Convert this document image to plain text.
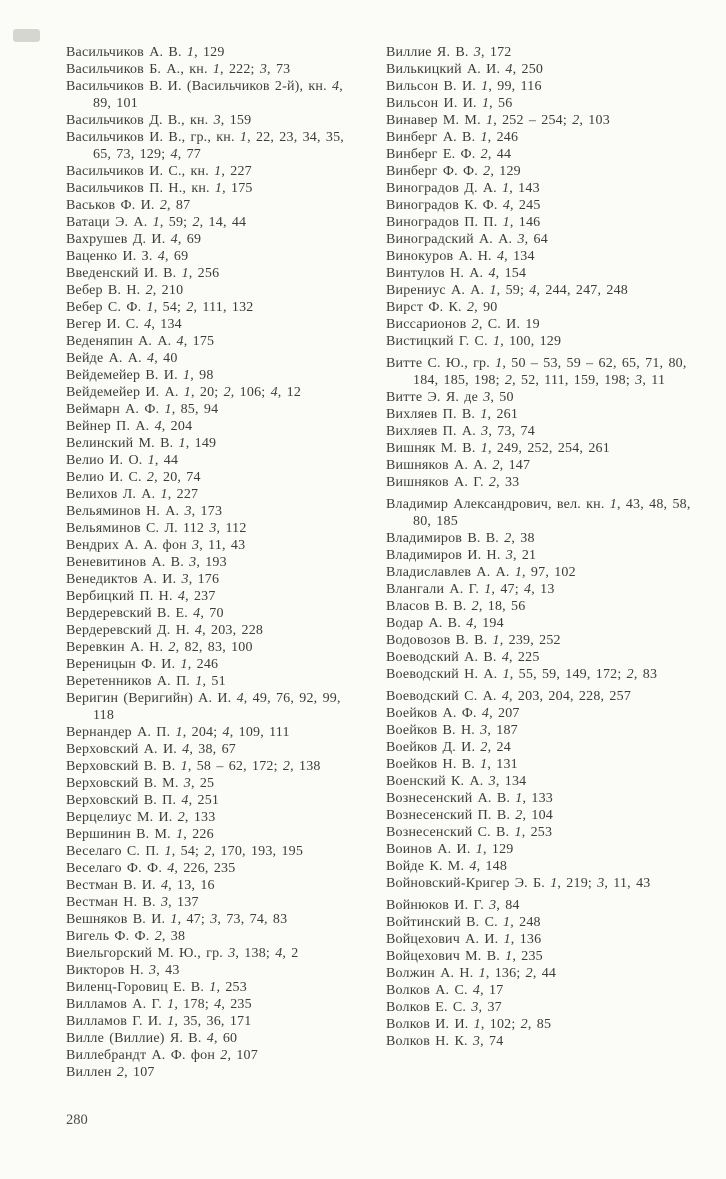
Васильчиков А. В. 1, 129
Васильчиков Б. А., кн. 1, 222; 3, 73
Васильчиков В. И. (Васильчиков 2-й), кн. 4, 89, 101
Васильчиков Д. В., кн. 3, 159
Васильчиков И. В., гр., кн. 1, 22, 23, 34, 35, 65, 73, 129; 4, 77
Васильчиков И. С., кн. 1, 227
Васильчиков П. Н., кн. 1, 175
Васьков Ф. И. 2, 87
Ватаци Э. А. 1, 59; 2, 14, 44
Вахрушев Д. И. 4, 69
Ваценко И. З. 4, 69
Введенский И. В. 1, 256
Вебер В. Н. 2, 210
Вебер С. Ф. 1, 54; 2, 111, 132
Вегер И. С. 4, 134
Веденяпин А. А. 4, 175
Вейде А. А. 4, 40
Вейдемейер В. И. 1, 98
Вейдемейер И. А. 1, 20; 2, 106; 4, 12
Веймарн А. Ф. 1, 85, 94
Вейнер П. А. 4, 204
Велинский М. В. 1, 149
Велио И. О. 1, 44
Велио И. С. 2, 20, 74
Велихов Л. А. 1, 227
Вельяминов Н. А. 3, 173
Вельяминов С. Л. 112 3, 112
Вендрих А. А. фон 3, 11, 43
Веневитинов А. В. 3, 193
Венедиктов А. И. 3, 176
Вербицкий П. Н. 4, 237
Вердеревский В. Е. 4, 70
Вердеревский Д. Н. 4, 203, 228
Веревкин А. Н. 2, 82, 83, 100
Вереницын Ф. И. 1, 246
Веретенников А. П. 1, 51
Веригин (Веригийн) А. И. 4, 49, 76, 92, 99, 118
Вернандер А. П. 1, 204; 4, 109, 111
Верховский А. И. 4, 38, 67
Верховский В. В. 1, 58 – 62, 172; 2, 138
Верховский В. М. 3, 25
Верховский В. П. 4, 251
Верцелиус М. И. 2, 133
Вершинин В. М. 1, 226
Веселаго С. П. 1, 54; 2, 170, 193, 195
Веселаго Ф. Ф. 4, 226, 235
Вестман В. И. 4, 13, 16
Вестман Н. В. 3, 137
Вешняков В. И. 1, 47; 3, 73, 74, 83
Вигель Ф. Ф. 2, 38
Виельгорский М. Ю., гр. 3, 138; 4, 2
Викторов Н. 3, 43
Виленц-Горовиц Е. В. 1, 253
Вилламов А. Г. 1, 178; 4, 235
Вилламов Г. И. 1, 35, 36, 171
Вилле (Виллие) Я. В. 4, 60
Виллебрандт А. Ф. фон 2, 107
Виллен 2, 107
Виллие Я. В. 3, 172
Вилькицкий А. И. 4, 250
Вильсон В. И. 1, 99, 116
Вильсон И. И. 1, 56
Винавер М. М. 1, 252 – 254; 2, 103
Винберг А. В. 1, 246
Винберг Е. Ф. 2, 44
Винберг Ф. Ф. 2, 129
Виноградов Д. А. 1, 143
Виноградов К. Ф. 4, 245
Виноградов П. П. 1, 146
Виноградский А. А. 3, 64
Винокуров А. Н. 4, 134
Винтулов Н. А. 4, 154
Вирениус А. А. 1, 59; 4, 244, 247, 248
Вирст Ф. К. 2, 90
Виссарионов 2, С. И. 19
Вистицкий Г. С. 1, 100, 129
Витте С. Ю., гр. 1, 50 – 53, 59 – 62, 65, 71, 80, 184, 185, 198; 2, 52, 111, 159, 198; 3, 11
Витте Э. Я. де 3, 50
Вихляев П. В. 1, 261
Вихляев П. А. 3, 73, 74
Вишняк М. В. 1, 249, 252, 254, 261
Вишняков А. А. 2, 147
Вишняков А. Г. 2, 33
Владимир Александрович, вел. кн. 1, 43, 48, 58, 80, 185
Владимиров В. В. 2, 38
Владимиров И. Н. 3, 21
Владиславлев А. А. 1, 97, 102
Влангали А. Г. 1, 47; 4, 13
Власов В. В. 2, 18, 56
Водар А. В. 4, 194
Водовозов В. В. 1, 239, 252
Воеводский А. В. 4, 225
Воеводский Н. А. 1, 55, 59, 149, 172; 2, 83
Воеводский С. А. 4, 203, 204, 228, 257
Воейков А. Ф. 4, 207
Воейков В. Н. 3, 187
Воейков Д. И. 2, 24
Воейков Н. В. 1, 131
Военский К. А. 3, 134
Вознесенский А. В. 1, 133
Вознесенский П. В. 2, 104
Вознесенский С. В. 1, 253
Воинов А. И. 1, 129
Войде К. М. 4, 148
Войновский-Кригер Э. Б. 1, 219; 3, 11, 43
Войнюков И. Г. 3, 84
Войтинский В. С. 1, 248
Войцехович А. И. 1, 136
Войцехович М. В. 1, 235
Волжин А. Н. 1, 136; 2, 44
Волков А. С. 4, 17
Волков Е. С. 3, 37
Волков И. И. 1, 102; 2, 85
Волков Н. К. 3, 74
280
